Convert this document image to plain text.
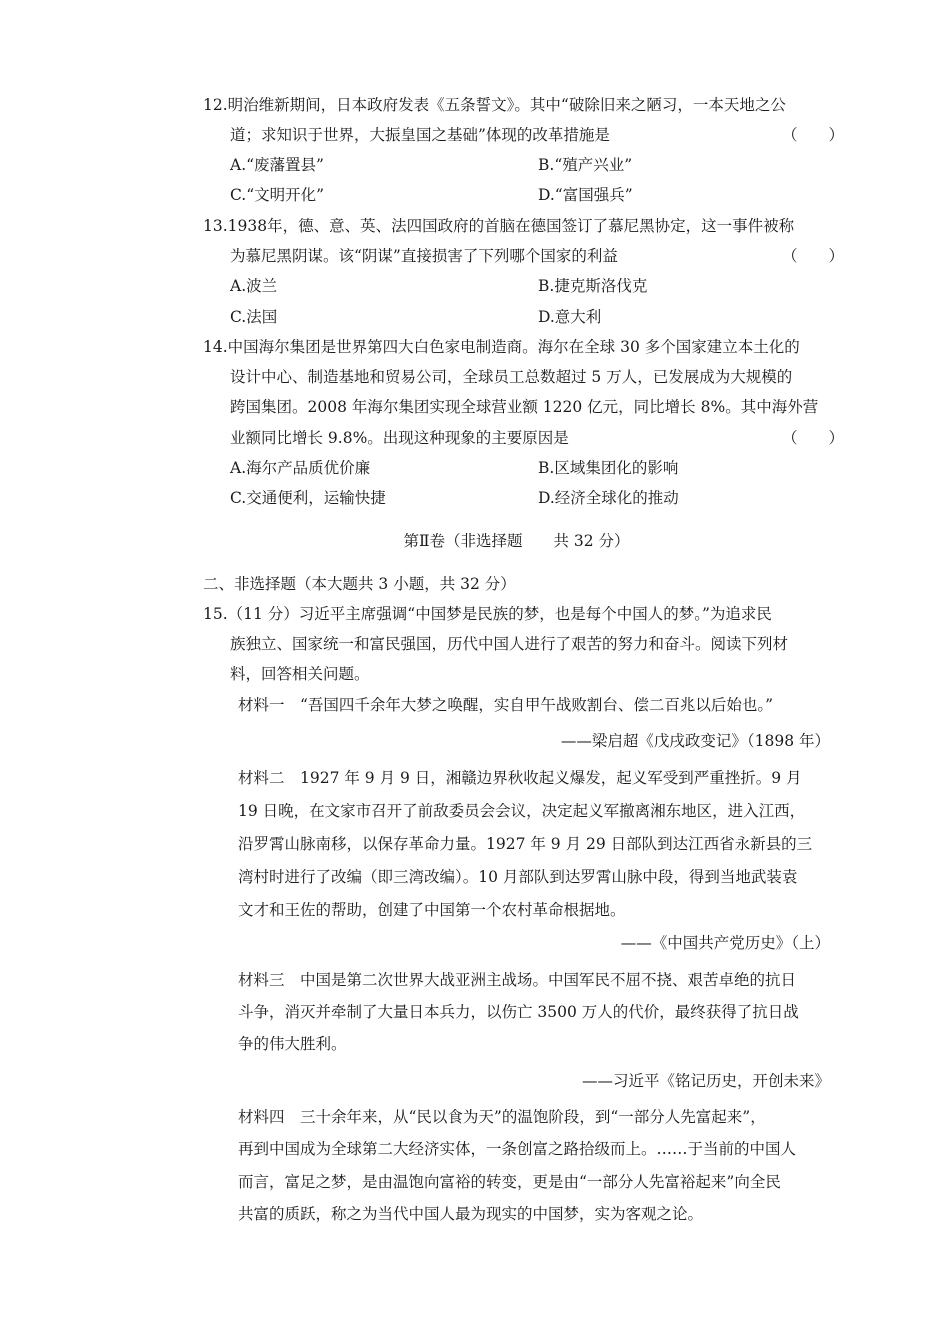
12.明治维新期间，日本政府发表《五条誓文》。其中“破除旧来之陋习，一本天地之公
道；求知识于世界，大振皇国之基础”体现的改革措施是	（　　）
A.“废藩置县”	B.“殖产兴业”
C.“文明开化”	D.“富国强兵”
13.1938年，德、意、英、法四国政府的首脑在德国签订了慕尼黑协定，这一事件被称
为慕尼黑阴谋。该“阴谋”直接损害了下列哪个国家的利益	（　　）
A.波兰	B.捷克斯洛伐克
C.法国	D.意大利
14.中国海尔集团是世界第四大白色家电制造商。海尔在全球 30 多个国家建立本土化的
设计中心、制造基地和贸易公司，全球员工总数超过 5 万人，已发展成为大规模的
跨国集团。2008 年海尔集团实现全球营业额 1220 亿元，同比增长 8%。其中海外营
业额同比增长 9.8%。出现这种现象的主要原因是	（　　）
A.海尔产品质优价廉	B.区域集团化的影响
C.交通便利，运输快捷	D.经济全球化的推动
第Ⅱ卷（非选择题　　共 32 分）
二、非选择题（本大题共 3 小题，共 32 分）
15.（11 分）习近平主席强调“中国梦是民族的梦，也是每个中国人的梦。”为追求民
族独立、国家统一和富民强国，历代中国人进行了艰苦的努力和奋斗。阅读下列材
料，回答相关问题。
材料一　“吾国四千余年大梦之唤醒，实自甲午战败割台、偿二百兆以后始也。”
——梁启超《戊戌政变记》（1898 年）
材料二　1927 年 9 月 9 日，湘赣边界秋收起义爆发，起义军受到严重挫折。9 月
19 日晚，在文家市召开了前敌委员会会议，决定起义军撤离湘东地区，进入江西，
沿罗霄山脉南移，以保存革命力量。1927 年 9 月 29 日部队到达江西省永新县的三
湾村时进行了改编（即三湾改编）。10 月部队到达罗霄山脉中段，得到当地武装袁
文才和王佐的帮助，创建了中国第一个农村革命根据地。
——《中国共产党历史》（上）
材料三　中国是第二次世界大战亚洲主战场。中国军民不屈不挠、艰苦卓绝的抗日
斗争，消灭并牵制了大量日本兵力，以伤亡 3500 万人的代价，最终获得了抗日战
争的伟大胜利。
——习近平《铭记历史，开创未来》
材料四　三十余年来，从“民以食为天”的温饱阶段，到“一部分人先富起来”，
再到中国成为全球第二大经济实体，一条创富之路拾级而上。……于当前的中国人
而言，富足之梦，是由温饱向富裕的转变，更是由“一部分人先富裕起来”向全民
共富的质跃，称之为当代中国人最为现实的中国梦，实为客观之论。
